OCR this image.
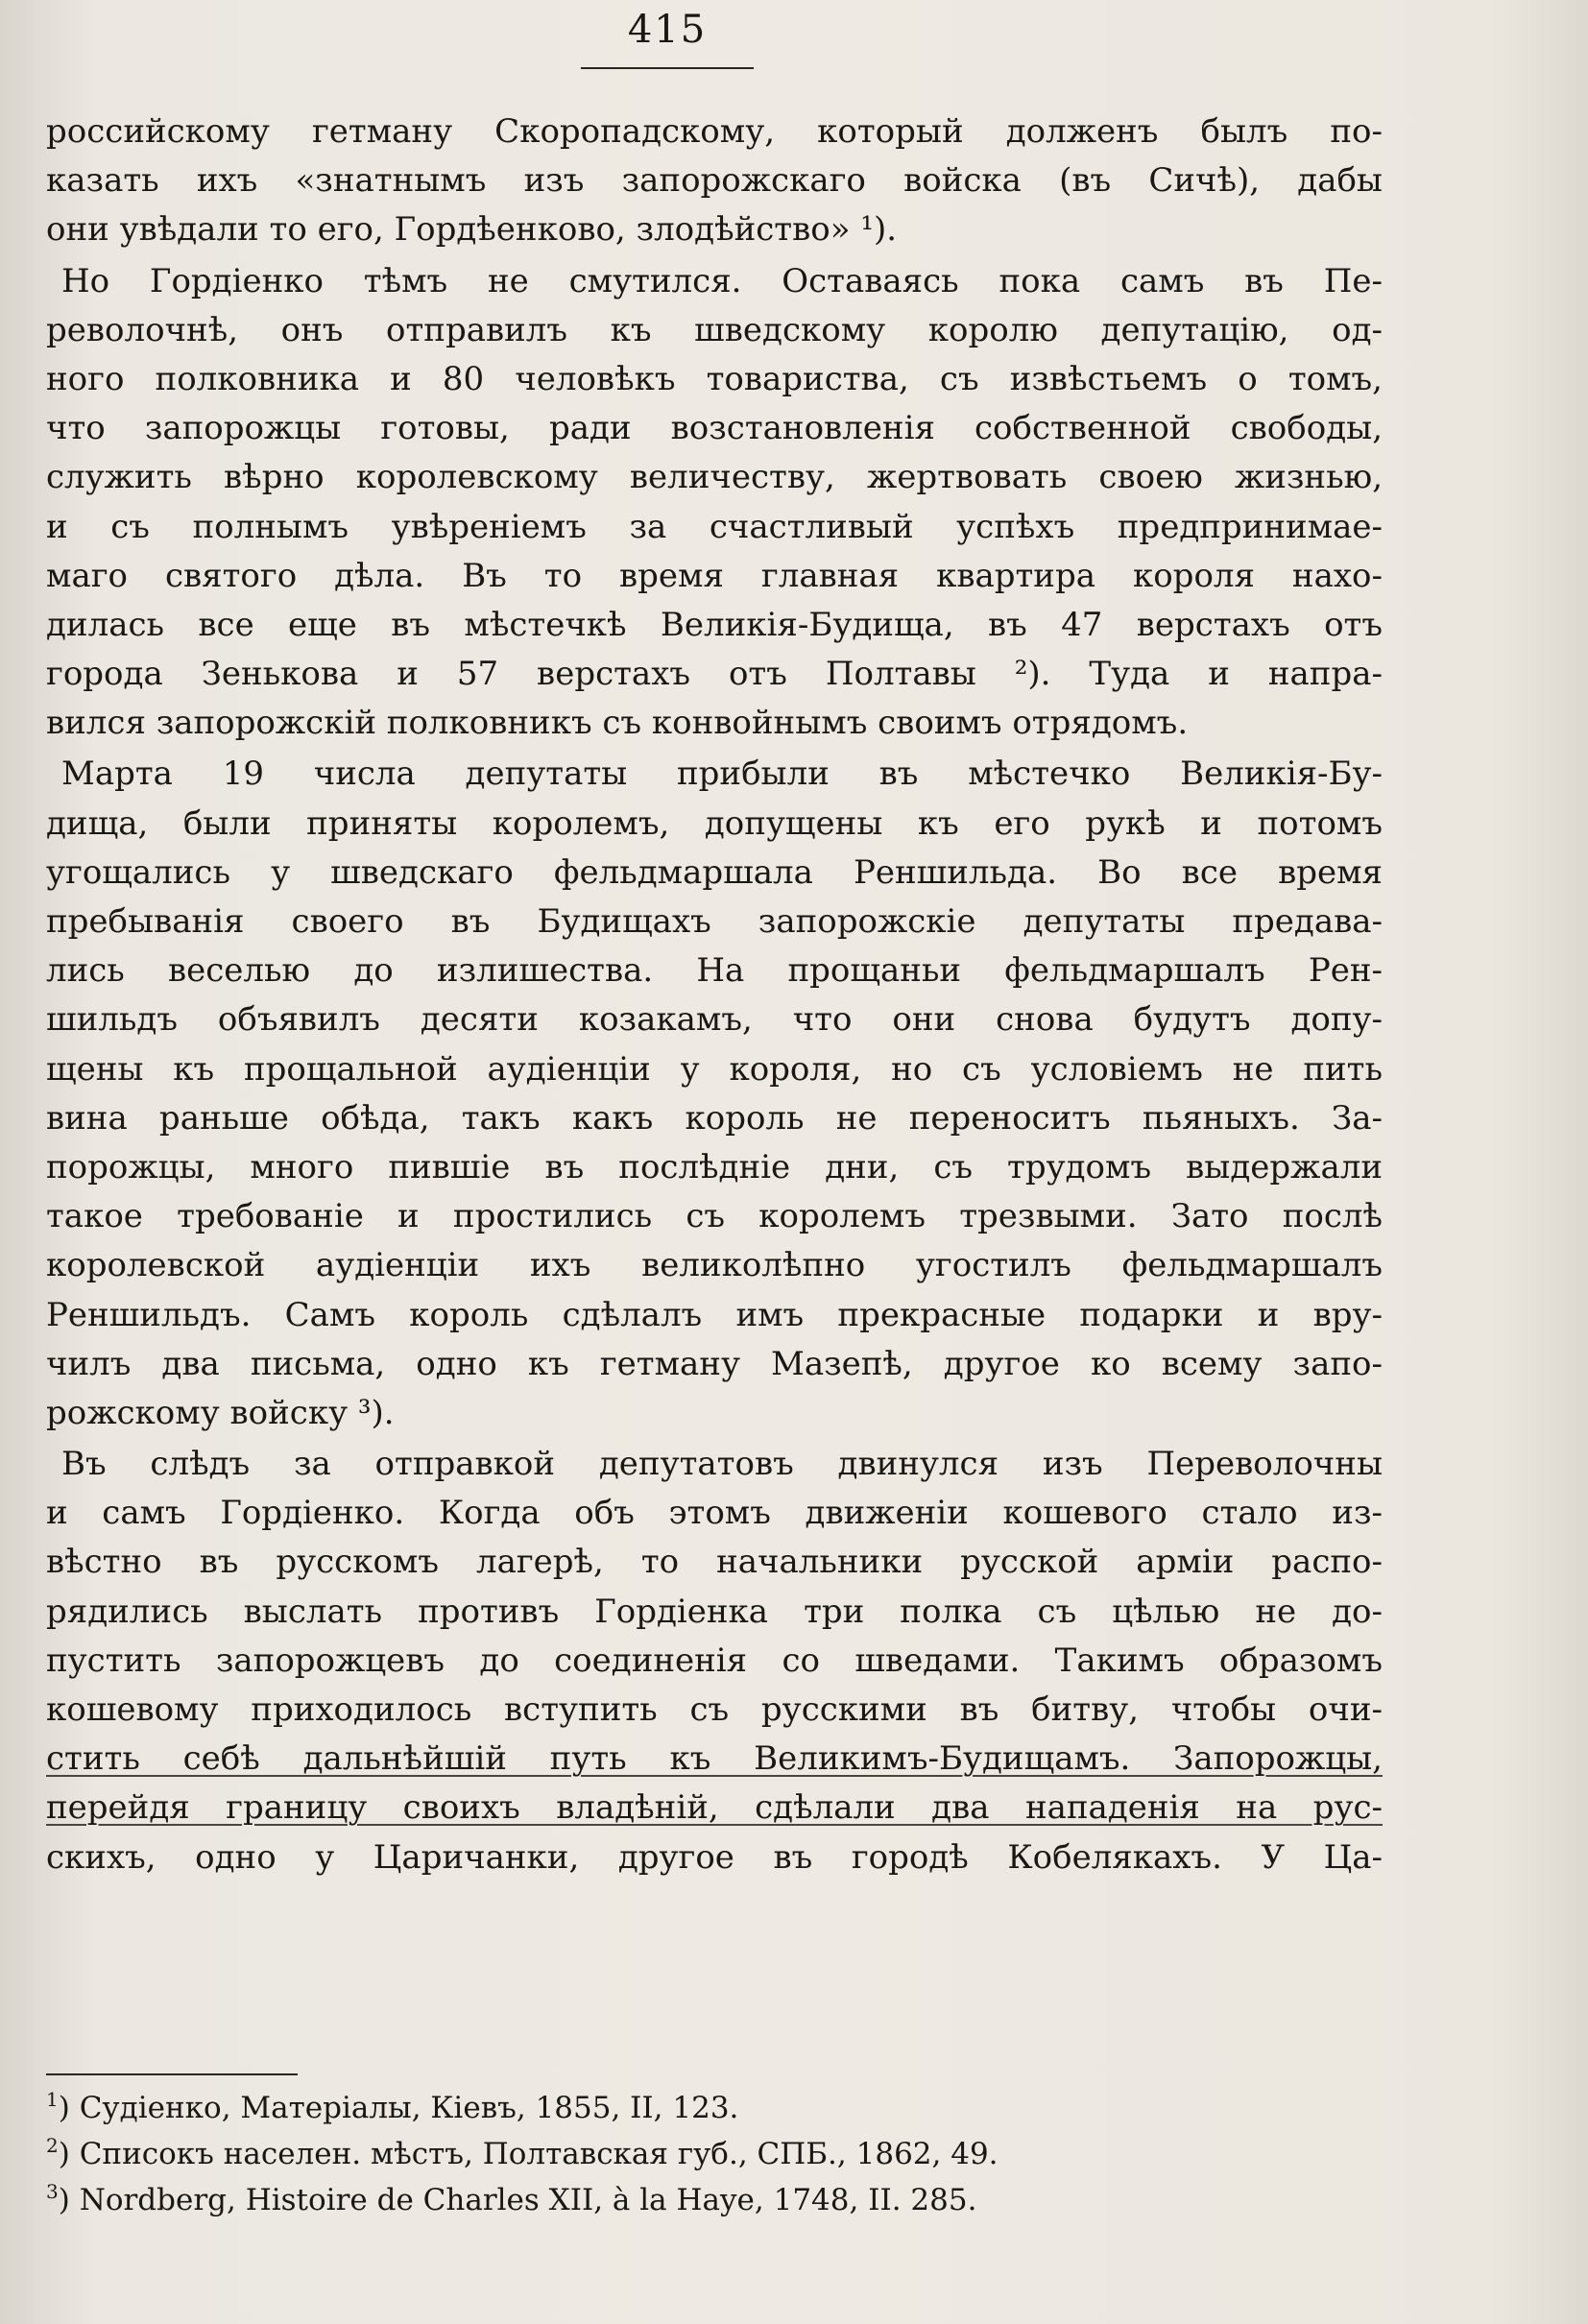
415
российскому гетману Скоропадскому, который долженъ былъ по-
казать ихъ «знатнымъ изъ запорожскаго войска (въ Сичѣ), дабы
они увѣдали то его, Гордѣенково, злодѣйство» ¹).
Но Гордіенко тѣмъ не смутился. Оставаясь пока самъ въ Пе-
револочнѣ, онъ отправилъ къ шведскому королю депутацію, од-
ного полковника и 80 человѣкъ товариства, съ извѣстьемъ о томъ,
что запорожцы готовы, ради возстановленія собственной свободы,
служить вѣрно королевскому величеству, жертвовать своею жизнью,
и съ полнымъ увѣреніемъ за счастливый успѣхъ предпринимае-
маго святого дѣла. Въ то время главная квартира короля нахо-
дилась все еще въ мѣстечкѣ Великія-Будища, въ 47 верстахъ отъ
города Зенькова и 57 верстахъ отъ Полтавы ²). Туда и напра-
вился запорожскій полковникъ съ конвойнымъ своимъ отрядомъ.
Марта 19 числа депутаты прибыли въ мѣстечко Великія-Бу-
дища, были приняты королемъ, допущены къ его рукѣ и потомъ
угощались у шведскаго фельдмаршала Реншильда. Во все время
пребыванія своего въ Будищахъ запорожскіе депутаты предава-
лись веселью до излишества. На прощаньи фельдмаршалъ Рен-
шильдъ объявилъ десяти козакамъ, что они снова будутъ допу-
щены къ прощальной аудіенціи у короля, но съ условіемъ не пить
вина раньше обѣда, такъ какъ король не переноситъ пьяныхъ. За-
порожцы, много пившіе въ послѣдніе дни, съ трудомъ выдержали
такое требованіе и простились съ королемъ трезвыми. Зато послѣ
королевской аудіенціи ихъ великолѣпно угостилъ фельдмаршалъ
Реншильдъ. Самъ король сдѣлалъ имъ прекрасные подарки и вру-
чилъ два письма, одно къ гетману Мазепѣ, другое ко всему запо-
рожскому войску ³).
Въ слѣдъ за отправкой депутатовъ двинулся изъ Переволочны
и самъ Гордіенко. Когда объ этомъ движеніи кошевого стало из-
вѣстно въ русскомъ лагерѣ, то начальники русской арміи распо-
рядились выслать противъ Гордіенка три полка съ цѣлью не до-
пустить запорожцевъ до соединенія со шведами. Такимъ образомъ
кошевому приходилось вступить съ русскими въ битву, чтобы очи-
стить себѣ дальнѣйшій путь къ Великимъ-Будищамъ. Запорожцы,
перейдя границу своихъ владѣній, сдѣлали два нападенія на рус-
скихъ, одно у Царичанки, другое въ городѣ Кобелякахъ. У Ца-
$^1$) Судіенко, Матеріалы, Кіевъ, 1855, II, 123.
$^2$) Списокъ населен. мѣстъ, Полтавская губ., СПБ., 1862, 49.
$^3$) Nordberg, Histoire de Charles XII, à la Haye, 1748, II. 285.
